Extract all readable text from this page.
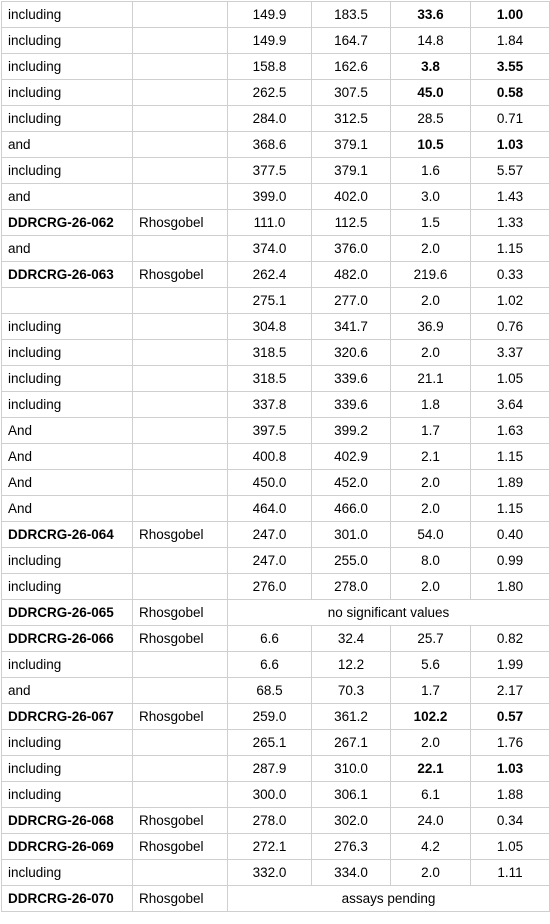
including		149.9	183.5	33.6	1.00
including		149.9	164.7	14.8	1.84
including		158.8	162.6	3.8	3.55
including		262.5	307.5	45.0	0.58
including		284.0	312.5	28.5	0.71
and		368.6	379.1	10.5	1.03
including		377.5	379.1	1.6	5.57
and		399.0	402.0	3.0	1.43
DDRCRG-26-062	Rhosgobel	111.0	112.5	1.5	1.33
and		374.0	376.0	2.0	1.15
DDRCRG-26-063	Rhosgobel	262.4	482.0	219.6	0.33
		275.1	277.0	2.0	1.02
including		304.8	341.7	36.9	0.76
including		318.5	320.6	2.0	3.37
including		318.5	339.6	21.1	1.05
including		337.8	339.6	1.8	3.64
And		397.5	399.2	1.7	1.63
And		400.8	402.9	2.1	1.15
And		450.0	452.0	2.0	1.89
And		464.0	466.0	2.0	1.15
DDRCRG-26-064	Rhosgobel	247.0	301.0	54.0	0.40
including		247.0	255.0	8.0	0.99
including		276.0	278.0	2.0	1.80
DDRCRG-26-065	Rhosgobel	no significant values			
DDRCRG-26-066	Rhosgobel	6.6	32.4	25.7	0.82
including		6.6	12.2	5.6	1.99
and		68.5	70.3	1.7	2.17
DDRCRG-26-067	Rhosgobel	259.0	361.2	102.2	0.57
including		265.1	267.1	2.0	1.76
including		287.9	310.0	22.1	1.03
including		300.0	306.1	6.1	1.88
DDRCRG-26-068	Rhosgobel	278.0	302.0	24.0	0.34
DDRCRG-26-069	Rhosgobel	272.1	276.3	4.2	1.05
including		332.0	334.0	2.0	1.11
DDRCRG-26-070	Rhosgobel	assays pending			
